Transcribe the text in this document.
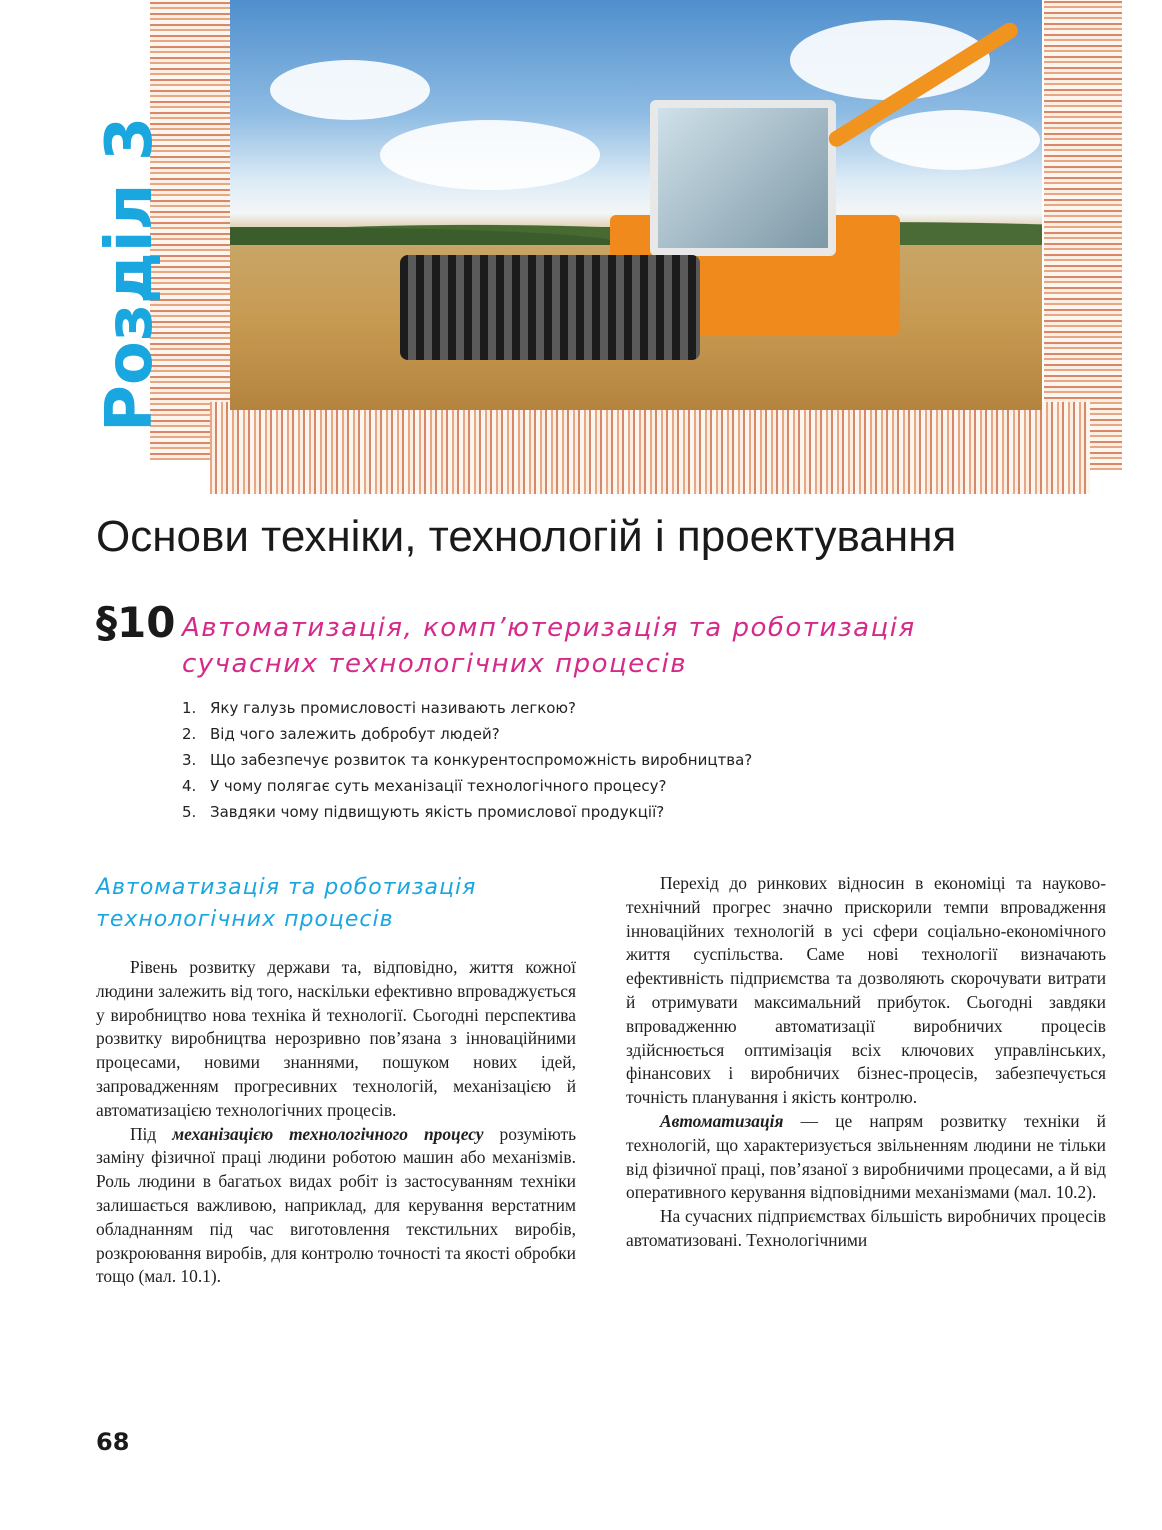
Розділ 3
Основи техніки, технологій і проектування
§10 Автоматизація, комп’ютеризація та роботизація
сучасних технологічних процесів
1. Яку галузь промисловості називають легкою?
2. Від чого залежить добробут людей?
3. Що забезпечує розвиток та конкурентоспроможність виробництва?
4. У чому полягає суть механізації технологічного процесу?
5. Завдяки чому підвищують якість промислової продукції?
Автоматизація та роботизація
технологічних процесів

Рівень розвитку держави та, відповідно, життя кожної людини залежить від того, наскільки ефективно впроваджується у виробництво нова техніка й технології. Сьогодні перспектива розвитку виробництва нерозривно пов’язана з інноваційними процесами, новими знаннями, пошуком нових ідей, запровадженням прогресивних технологій, механізацією й автоматизацією технологічних процесів.

Під механізацією технологічного процесу розуміють заміну фізичної праці людини роботою машин або механізмів. Роль людини в багатьох видах робіт із застосуванням техніки залишається важливою, наприклад, для керування верстатним обладнанням під час виготовлення текстильних виробів, розкроювання виробів, для контролю точності та якості обробки тощо (мал. 10.1).

Перехід до ринкових відносин в економіці та науково-технічний прогрес значно прискорили темпи впровадження інноваційних технологій в усі сфери соціально-економічного життя суспільства. Саме нові технології визначають ефективність підприємства та дозволяють скорочувати витрати й отримувати максимальний прибуток. Сьогодні завдяки впровадженню автоматизації виробничих процесів здійснюється оптимізація всіх ключових управлінських, фінансових і виробничих бізнес-процесів, забезпечується точність планування і якість контролю.

Автоматизація — це напрям розвитку техніки й технологій, що характеризується звільненням людини не тільки від фізичної праці, пов’язаної з виробничими процесами, а й від оперативного керування відповідними механізмами (мал. 10.2).

На сучасних підприємствах більшість виробничих процесів автоматизовані. Технологічними

68
